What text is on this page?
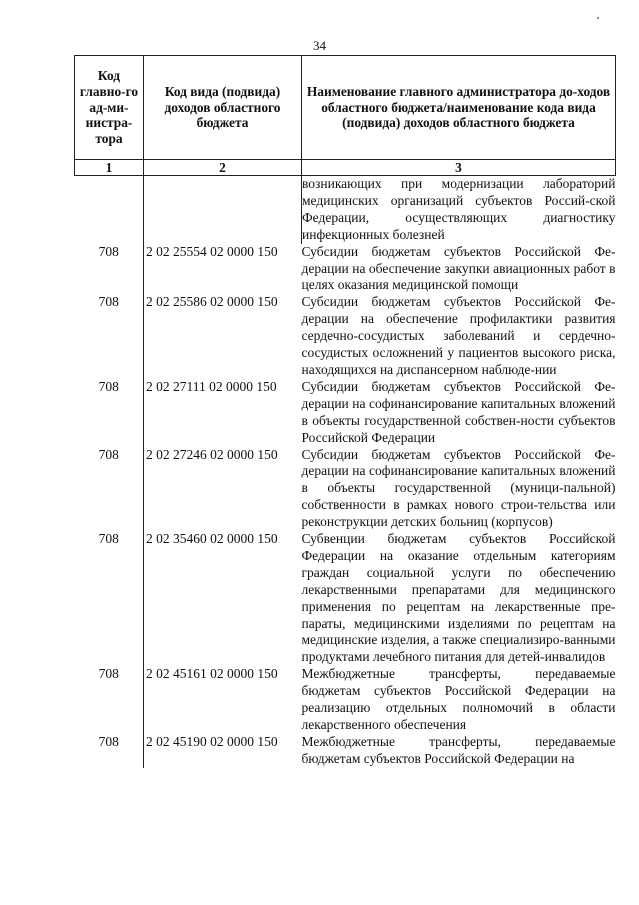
34
Код главно-го ад-ми-нистра-тора	Код вида (подвида) доходов областного бюджета	Наименование главного администратора до-ходов областного бюджета/наименование кода вида (подвида) доходов областного бюджета
1	2	3
		возникающих при модернизации лабораторий медицинских организаций субъектов Россий-ской Федерации, осуществляющих диагностику инфекционных болезней
708	2 02 25554 02 0000 150	Субсидии бюджетам субъектов Российской Фе-дерации на обеспечение закупки авиационных работ в целях оказания медицинской помощи
708	2 02 25586 02 0000 150	Субсидии бюджетам субъектов Российской Фе-дерации на обеспечение профилактики развития сердечно-сосудистых заболеваний и сердечно-сосудистых осложнений у пациентов высокого риска, находящихся на диспансерном наблюде-нии
708	2 02 27111 02 0000 150	Субсидии бюджетам субъектов Российской Фе-дерации на софинансирование капитальных вложений в объекты государственной собствен-ности субъектов Российской Федерации
708	2 02 27246 02 0000 150	Субсидии бюджетам субъектов Российской Фе-дерации на софинансирование капитальных вложений в объекты государственной (муници-пальной) собственности в рамках нового строи-тельства или реконструкции детских больниц (корпусов)
708	2 02 35460 02 0000 150	Субвенции бюджетам субъектов Российской Федерации на оказание отдельным категориям граждан социальной услуги по обеспечению лекарственными препаратами для медицинского применения по рецептам на лекарственные пре-параты, медицинскими изделиями по рецептам на медицинские изделия, а также специализиро-ванными продуктами лечебного питания для детей-инвалидов
708	2 02 45161 02 0000 150	Межбюджетные трансферты, передаваемые бюджетам субъектов Российской Федерации на реализацию отдельных полномочий в области лекарственного обеспечения
708	2 02 45190 02 0000 150	Межбюджетные трансферты, передаваемые бюджетам субъектов Российской Федерации на
